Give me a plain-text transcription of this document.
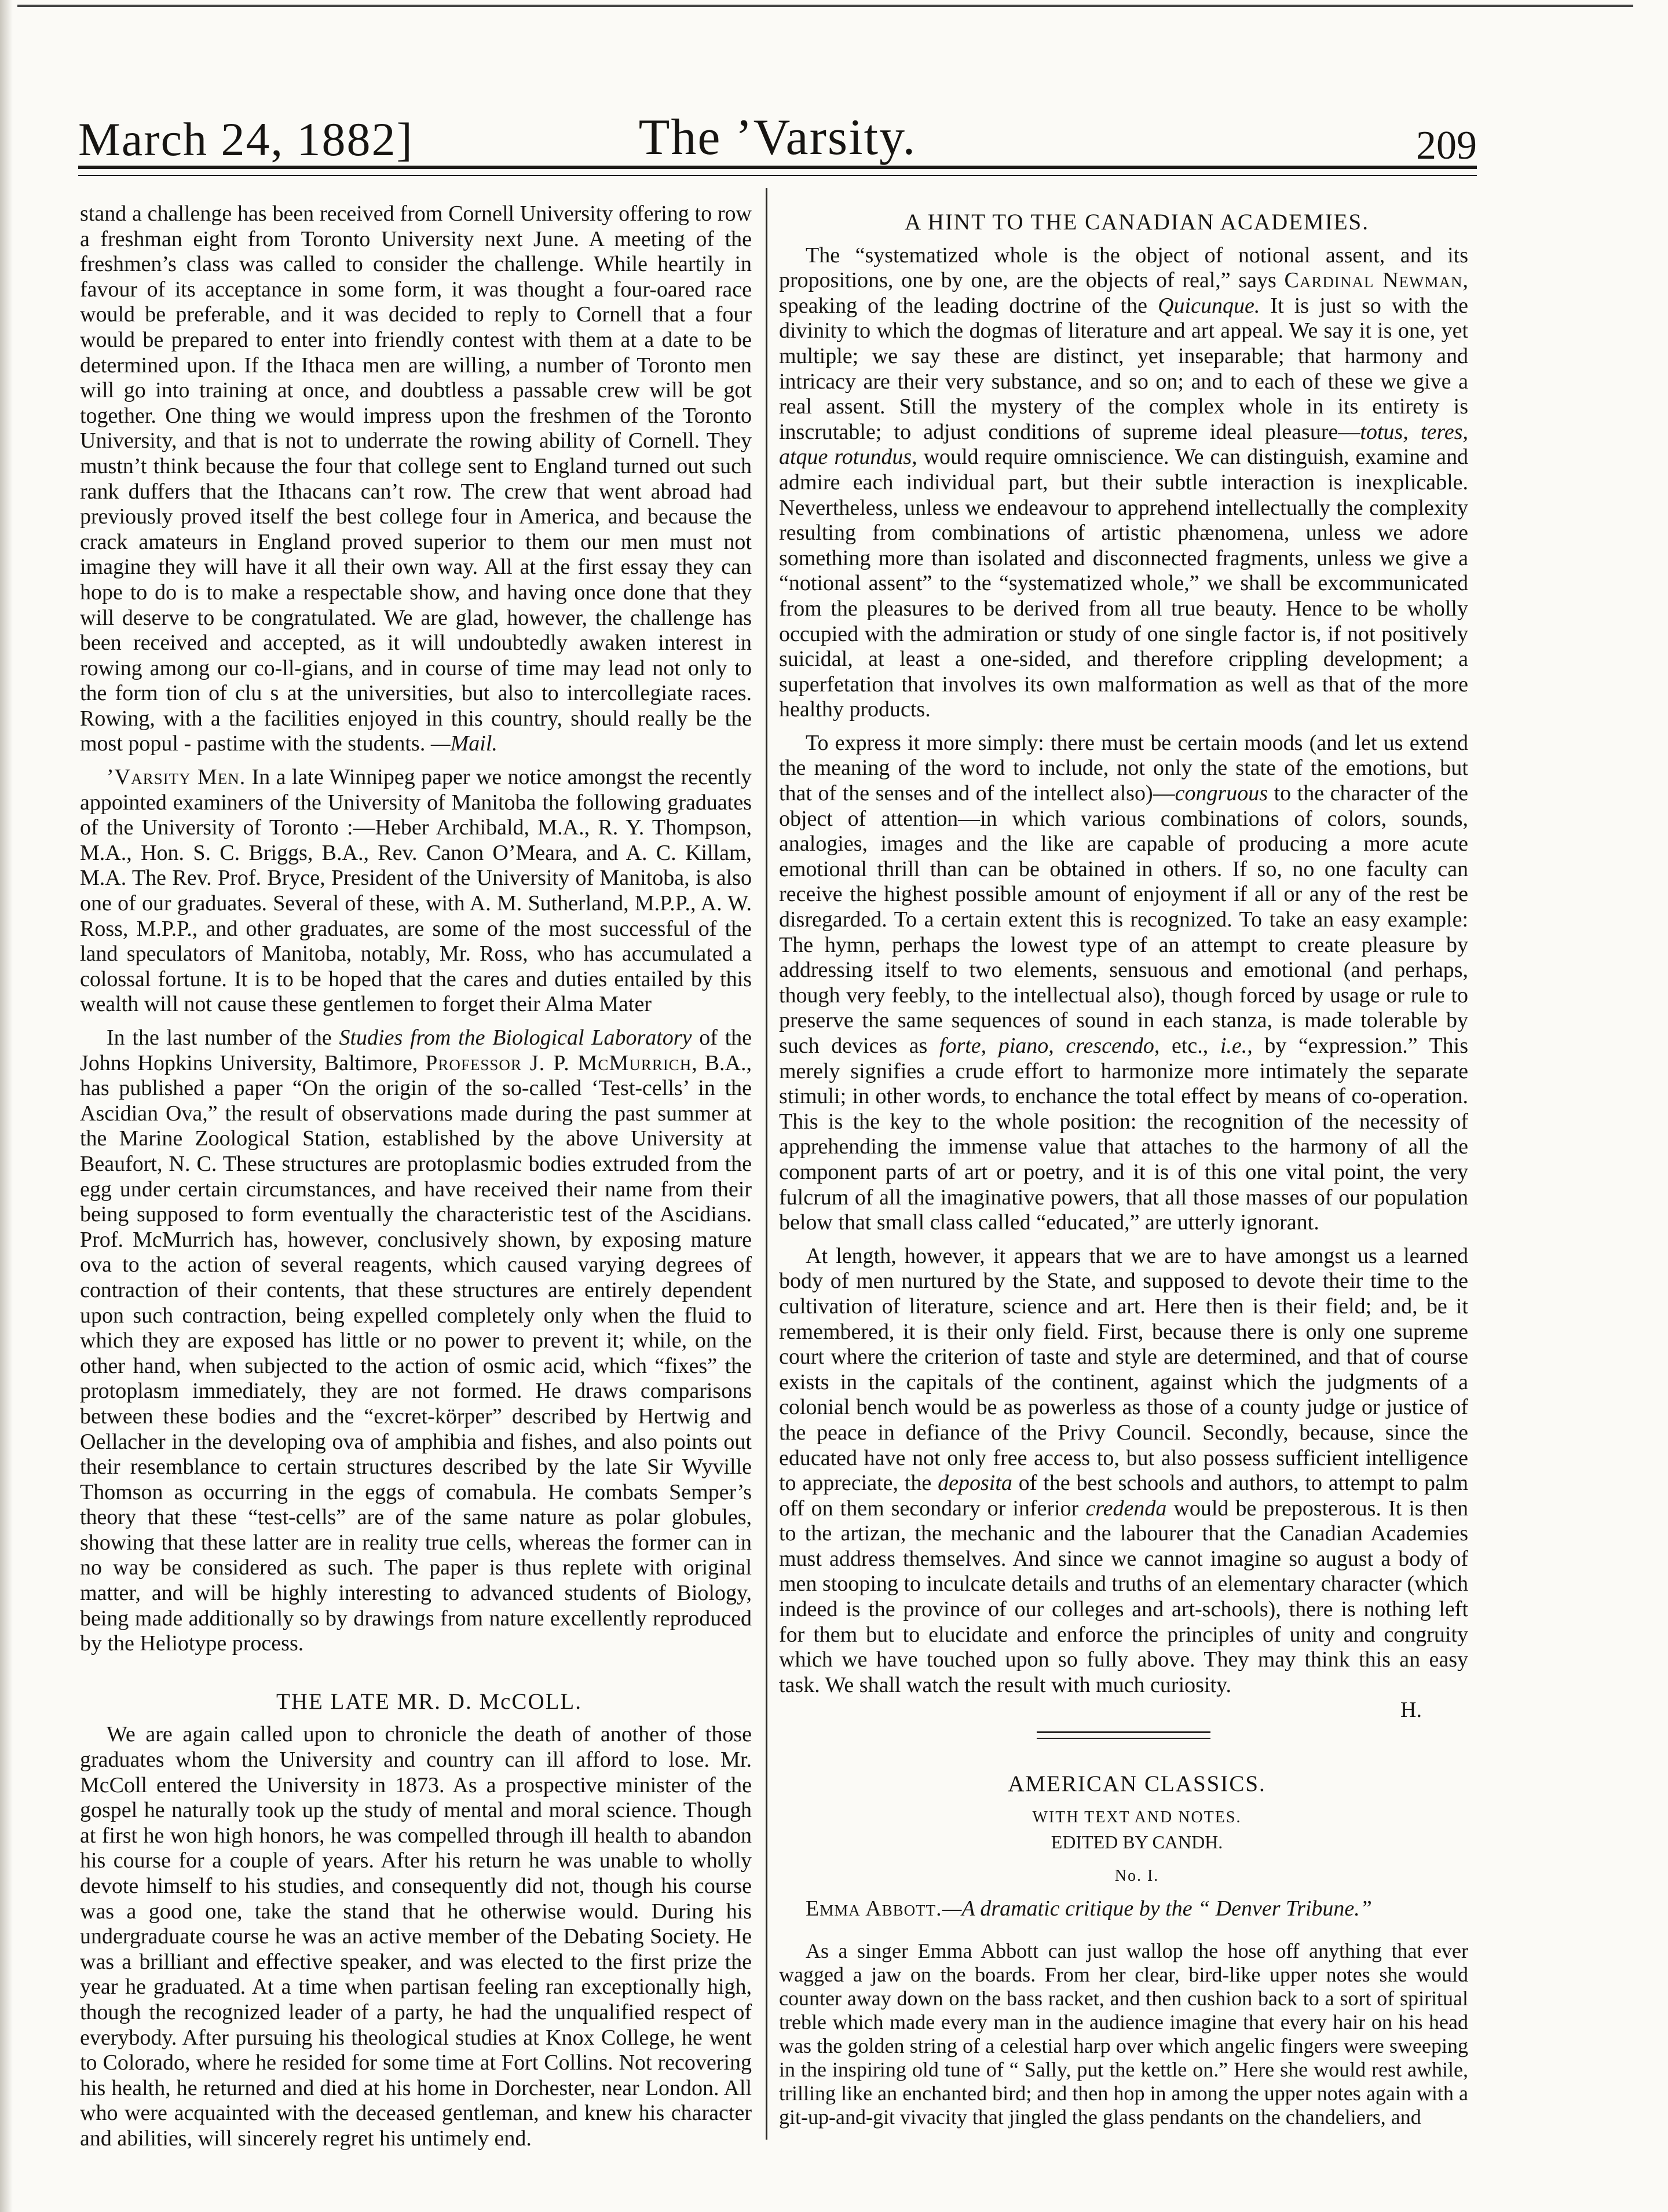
March 24, 1882]	The ’Varsity.	209

stand a challenge has been received from Cornell University offering to row a freshman eight from Toronto University next June. A meeting of the freshmen’s class was called to consider the challenge. While heartily in favour of its acceptance in some form, it was thought a four-oared race would be preferable, and it was decided to reply to Cornell that a four would be prepared to enter into friendly contest with them at a date to be determined upon. If the Ithaca men are willing, a number of Toronto men will go into training at once, and doubtless a passable crew will be got together. One thing we would impress upon the freshmen of the Toronto University, and that is not to underrate the rowing ability of Cornell. They mustn’t think because the four that college sent to England turned out such rank duffers that the Ithacans can’t row. The crew that went abroad had previously proved itself the best college four in America, and because the crack amateurs in England proved superior to them our men must not imagine they will have it all their own way. All at the first essay they can hope to do is to make a respectable show, and having once done that they will deserve to be congratulated. We are glad, however, the challenge has been received and accepted, as it will undoubtedly awaken interest in rowing among our co-ll-gians, and in course of time may lead not only to the form tion of clu s at the universities, but also to intercollegiate races. Rowing, with a the facilities enjoyed in this country, should really be the most popul - pastime with the students. —Mail.

’Varsity Men. In a late Winnipeg paper we notice amongst the recently appointed examiners of the University of Manitoba the following graduates of the University of Toronto :—Heber Archibald, M.A., R. Y. Thompson, M.A., Hon. S. C. Briggs, B.A., Rev. Canon O’Meara, and A. C. Killam, M.A. The Rev. Prof. Bryce, President of the University of Manitoba, is also one of our graduates. Several of these, with A. M. Sutherland, M.P.P., A. W. Ross, M.P.P., and other graduates, are some of the most successful of the land speculators of Manitoba, notably, Mr. Ross, who has accumulated a colossal fortune. It is to be hoped that the cares and duties entailed by this wealth will not cause these gentlemen to forget their Alma Mater

In the last number of the Studies from the Biological Laboratory of the Johns Hopkins University, Baltimore, Professor J. P. McMurrich, B.A., has published a paper “On the origin of the so-called ‘Test-cells’ in the Ascidian Ova,” the result of observations made during the past summer at the Marine Zoological Station, established by the above University at Beaufort, N. C. These structures are protoplasmic bodies extruded from the egg under certain circumstances, and have received their name from their being supposed to form eventually the characteristic test of the Ascidians. Prof. McMurrich has, however, conclusively shown, by exposing mature ova to the action of several reagents, which caused varying degrees of contraction of their contents, that these structures are entirely dependent upon such contraction, being expelled completely only when the fluid to which they are exposed has little or no power to prevent it; while, on the other hand, when subjected to the action of osmic acid, which “fixes” the protoplasm immediately, they are not formed. He draws comparisons between these bodies and the “excret-körper” described by Hertwig and Oellacher in the developing ova of amphibia and fishes, and also points out their resemblance to certain structures described by the late Sir Wyville Thomson as occurring in the eggs of comabula. He combats Semper’s theory that these “test-cells” are of the same nature as polar globules, showing that these latter are in reality true cells, whereas the former can in no way be considered as such. The paper is thus replete with original matter, and will be highly interesting to advanced students of Biology, being made additionally so by drawings from nature excellently reproduced by the Heliotype process.

THE LATE MR. D. McCOLL.

We are again called upon to chronicle the death of another of those graduates whom the University and country can ill afford to lose. Mr. McColl entered the University in 1873. As a prospective minister of the gospel he naturally took up the study of mental and moral science. Though at first he won high honors, he was compelled through ill health to abandon his course for a couple of years. After his return he was unable to wholly devote himself to his studies, and consequently did not, though his course was a good one, take the stand that he otherwise would. During his undergraduate course he was an active member of the Debating Society. He was a brilliant and effective speaker, and was elected to the first prize the year he graduated. At a time when partisan feeling ran exceptionally high, though the recognized leader of a party, he had the unqualified respect of everybody. After pursuing his theological studies at Knox College, he went to Colorado, where he resided for some time at Fort Collins. Not recovering his health, he returned and died at his home in Dorchester, near London. All who were acquainted with the deceased gentleman, and knew his character and abilities, will sincerely regret his untimely end.

A HINT TO THE CANADIAN ACADEMIES.

The “systematized whole is the object of notional assent, and its propositions, one by one, are the objects of real,” says Cardinal Newman, speaking of the leading doctrine of the Quicunque. It is just so with the divinity to which the dogmas of literature and art appeal. We say it is one, yet multiple; we say these are distinct, yet inseparable; that harmony and intricacy are their very substance, and so on; and to each of these we give a real assent. Still the mystery of the complex whole in its entirety is inscrutable; to adjust conditions of supreme ideal pleasure—totus, teres, atque rotundus, would require omniscience. We can distinguish, examine and admire each individual part, but their subtle interaction is inexplicable. Nevertheless, unless we endeavour to apprehend intellectually the complexity resulting from combinations of artistic phænomena, unless we adore something more than isolated and disconnected fragments, unless we give a “notional assent” to the “systematized whole,” we shall be excommunicated from the pleasures to be derived from all true beauty. Hence to be wholly occupied with the admiration or study of one single factor is, if not positively suicidal, at least a one-sided, and therefore crippling development; a superfetation that involves its own malformation as well as that of the more healthy products.

To express it more simply: there must be certain moods (and let us extend the meaning of the word to include, not only the state of the emotions, but that of the senses and of the intellect also)—congruous to the character of the object of attention—in which various combinations of colors, sounds, analogies, images and the like are capable of producing a more acute emotional thrill than can be obtained in others. If so, no one faculty can receive the highest possible amount of enjoyment if all or any of the rest be disregarded. To a certain extent this is recognized. To take an easy example: The hymn, perhaps the lowest type of an attempt to create pleasure by addressing itself to two elements, sensuous and emotional (and perhaps, though very feebly, to the intellectual also), though forced by usage or rule to preserve the same sequences of sound in each stanza, is made tolerable by such devices as forte, piano, crescendo, etc., i.e., by “expression.” This merely signifies a crude effort to harmonize more intimately the separate stimuli; in other words, to enchance the total effect by means of co-operation. This is the key to the whole position: the recognition of the necessity of apprehending the immense value that attaches to the harmony of all the component parts of art or poetry, and it is of this one vital point, the very fulcrum of all the imaginative powers, that all those masses of our population below that small class called “educated,” are utterly ignorant.

At length, however, it appears that we are to have amongst us a learned body of men nurtured by the State, and supposed to devote their time to the cultivation of literature, science and art. Here then is their field; and, be it remembered, it is their only field. First, because there is only one supreme court where the criterion of taste and style are determined, and that of course exists in the capitals of the continent, against which the judgments of a colonial bench would be as powerless as those of a county judge or justice of the peace in defiance of the Privy Council. Secondly, because, since the educated have not only free access to, but also possess sufficient intelligence to appreciate, the deposita of the best schools and authors, to attempt to palm off on them secondary or inferior credenda would be preposterous. It is then to the artizan, the mechanic and the labourer that the Canadian Academies must address themselves. And since we cannot imagine so august a body of men stooping to inculcate details and truths of an elementary character (which indeed is the province of our colleges and art-schools), there is nothing left for them but to elucidate and enforce the principles of unity and congruity which we have touched upon so fully above. They may think this an easy task. We shall watch the result with much curiosity.

H.

AMERICAN CLASSICS.

WITH TEXT AND NOTES.

EDITED BY CANDH.

No. I.

Emma Abbott.—A dramatic critique by the “ Denver Tribune.”

As a singer Emma Abbott can just wallop the hose off anything that ever wagged a jaw on the boards. From her clear, bird-like upper notes she would counter away down on the bass racket, and then cushion back to a sort of spiritual treble which made every man in the audience imagine that every hair on his head was the golden string of a celestial harp over which angelic fingers were sweeping in the inspiring old tune of “ Sally, put the kettle on.” Here she would rest awhile, trilling like an enchanted bird; and then hop in among the upper notes again with a git-up-and-git vivacity that jingled the glass pendants on the chandeliers, and
